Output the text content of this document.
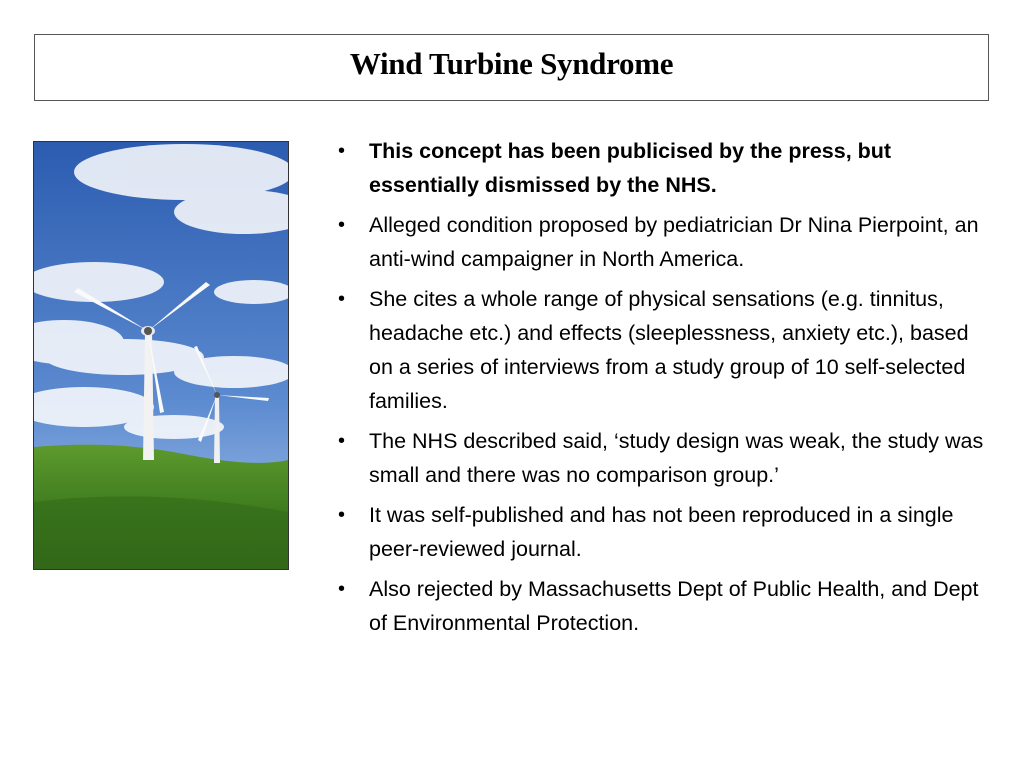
Wind Turbine Syndrome
• This concept has been publicised by the press, but essentially dismissed by the NHS.
• Alleged condition proposed by pediatrician Dr Nina Pierpoint, an anti-wind campaigner in North America.
• She cites a whole range of physical sensations (e.g. tinnitus, headache etc.) and effects (sleeplessness, anxiety etc.), based on a series of interviews from a study group of 10 self-selected families.
• The NHS described said, ‘study design was weak, the study was small and there was no comparison group.’
• It was self-published and has not been reproduced in a single peer-reviewed journal.
• Also rejected by Massachusetts Dept of Public Health, and Dept of Environmental Protection.
